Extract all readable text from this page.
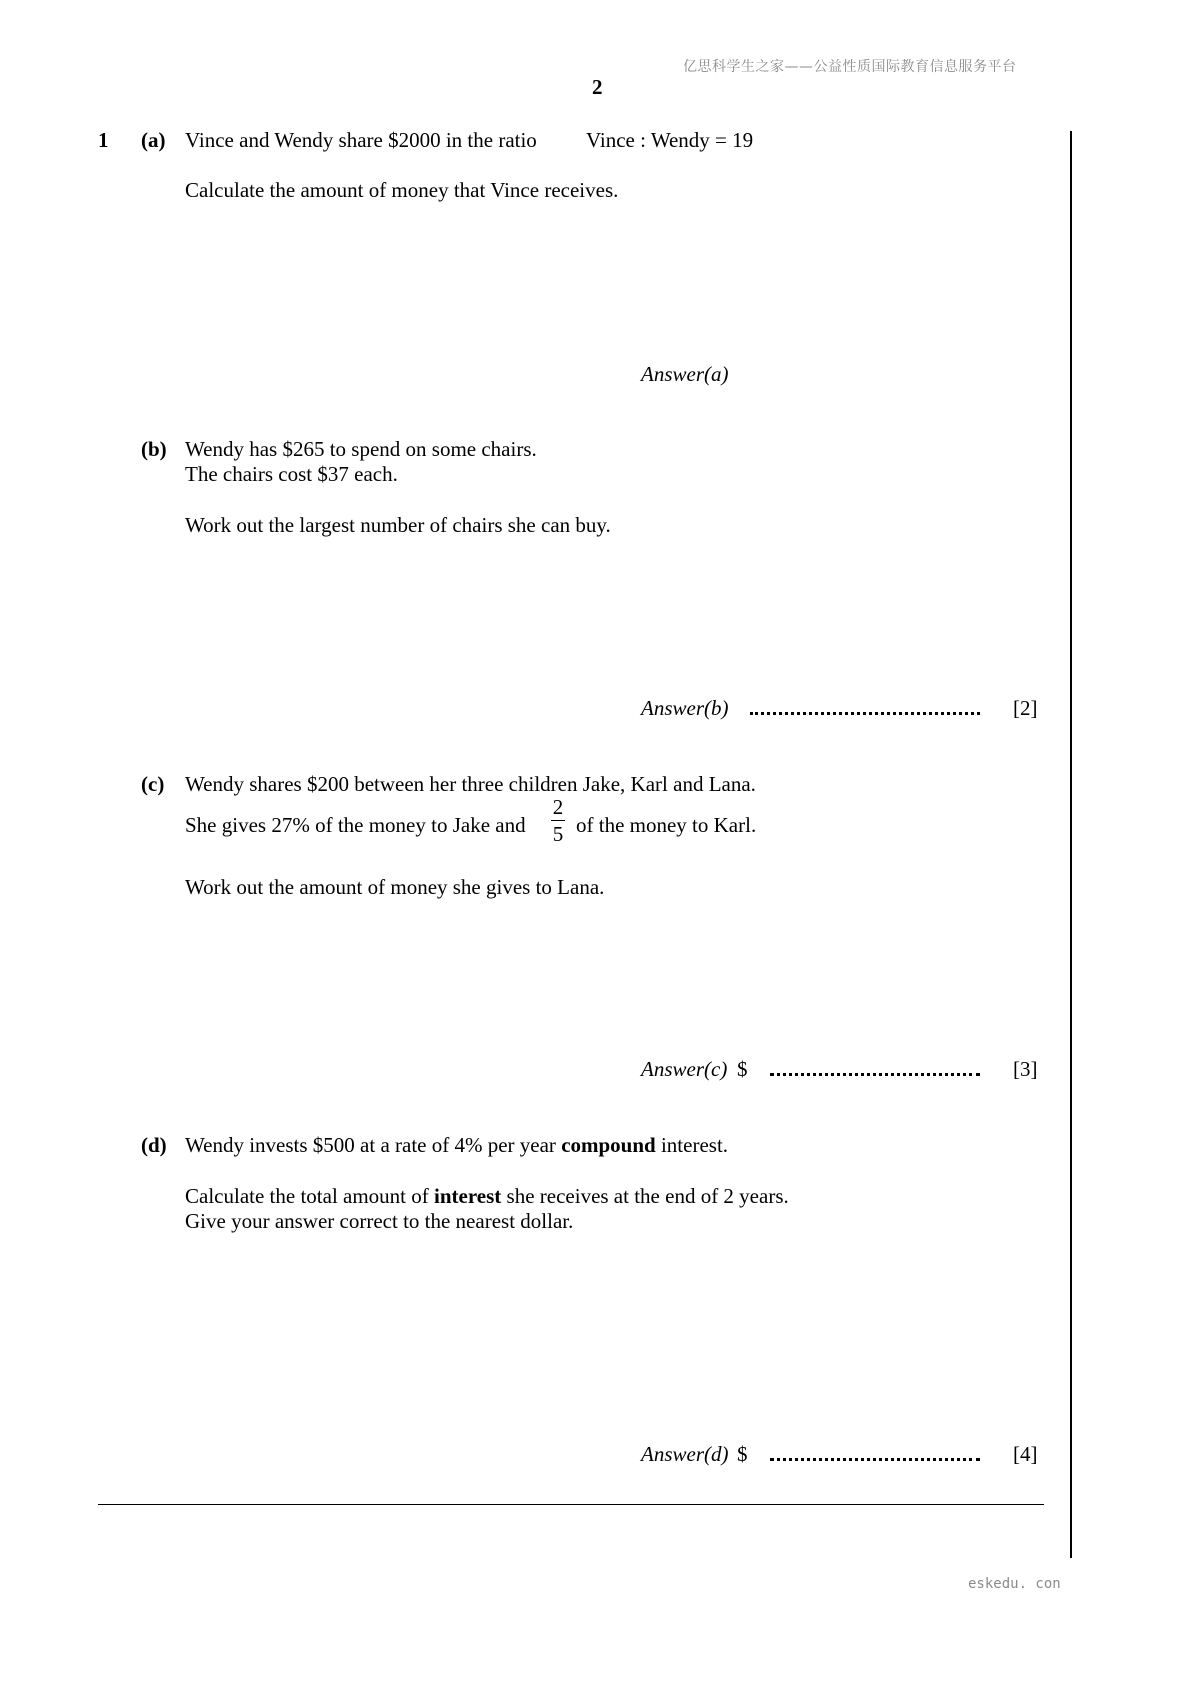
亿思科学生之家——公益性质国际教育信息服务平台
2
1 (a) Vince and Wendy share $2000 in the ratio Vince : Wendy = 19
Calculate the amount of money that Vince receives.
Answer(a)
(b) Wendy has $265 to spend on some chairs.
The chairs cost $37 each.
Work out the largest number of chairs she can buy.
Answer(b)	[2]
(c) Wendy shares $200 between her three children Jake, Karl and Lana.
She gives 27% of the money to Jake and
2
5 of the money to Karl.
Work out the amount of money she gives to Lana.
Answer(c) $	[3]
(d) Wendy invests $500 at a rate of 4% per year compound interest.
Calculate the total amount of interest she receives at the end of 2 years.
Give your answer correct to the nearest dollar.
Answer(d) $	[4]
eskedu. con
